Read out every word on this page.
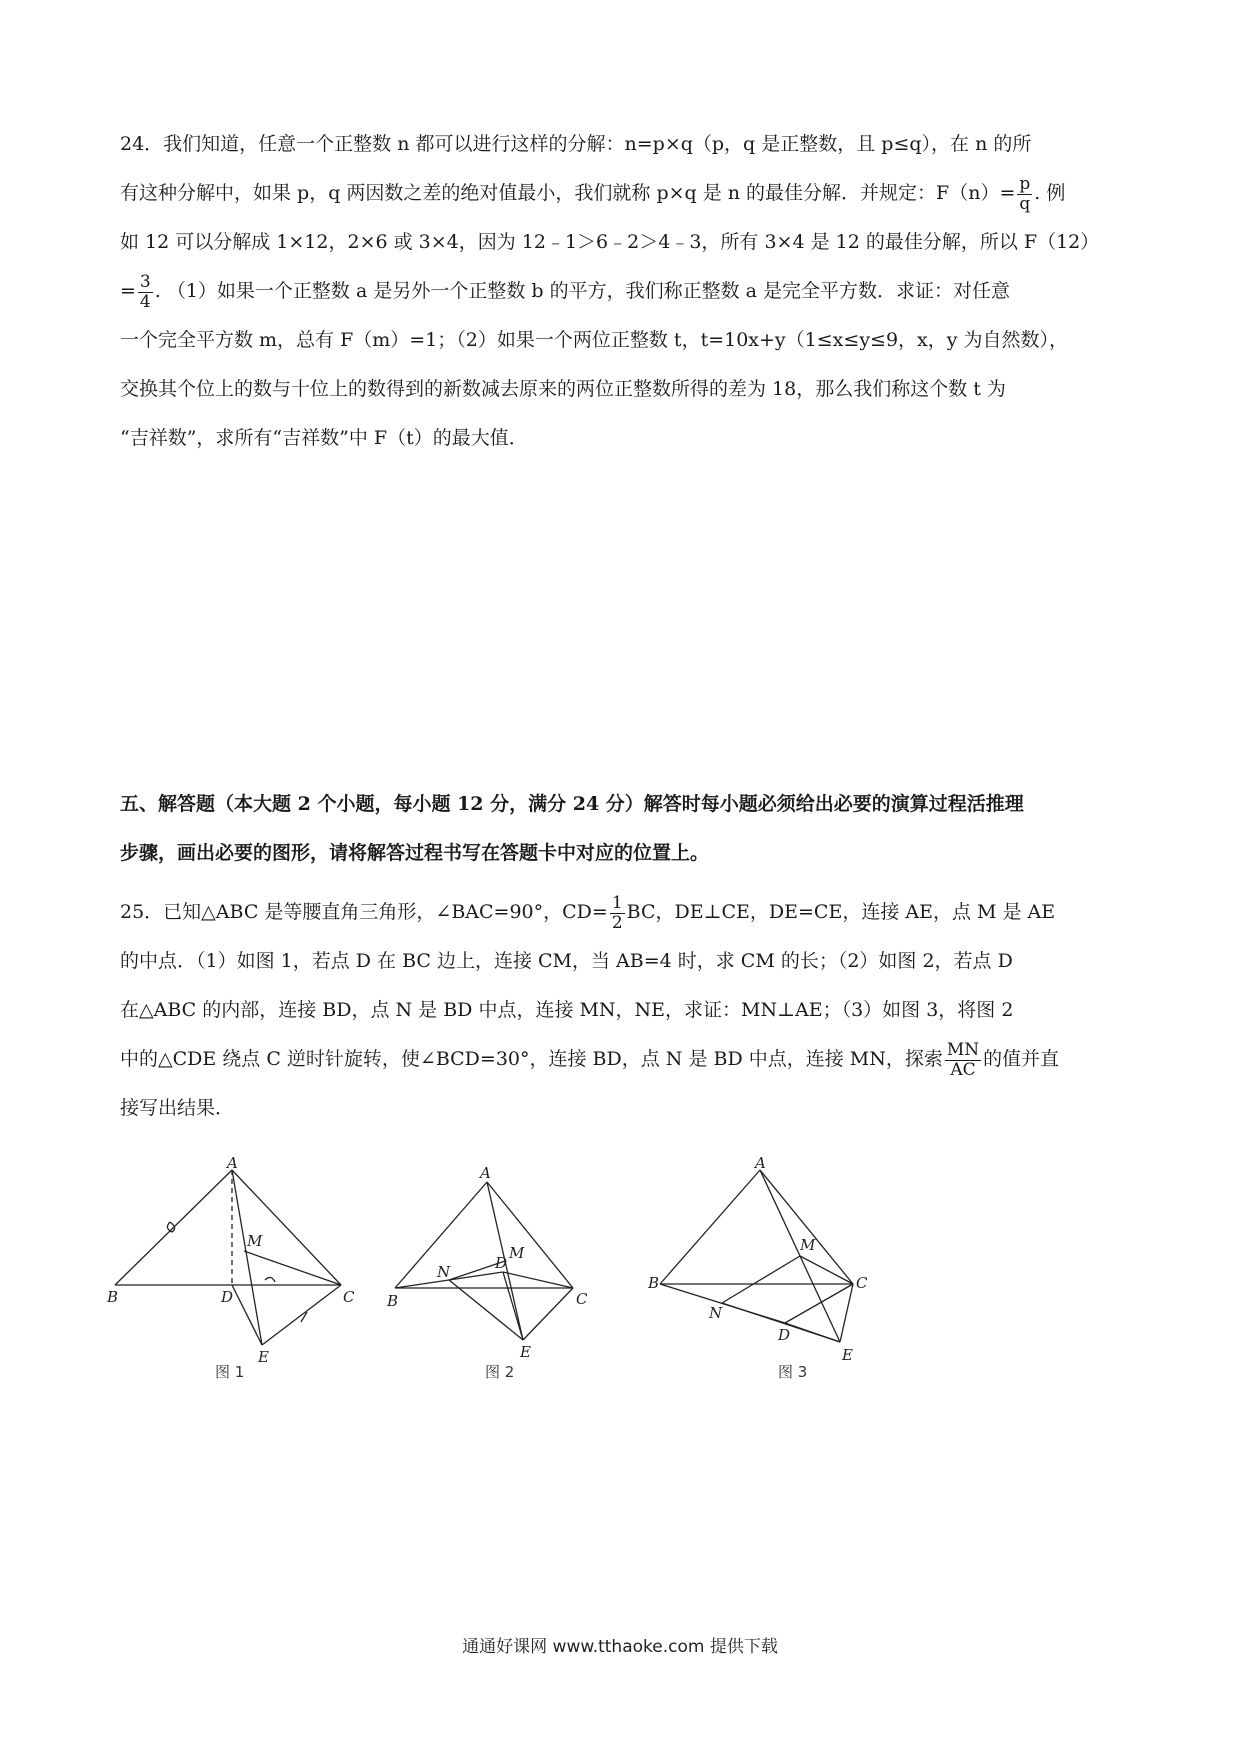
24．我们知道，任意一个正整数 n 都可以进行这样的分解：n=p×q（p，q 是正整数，且 p≤q），在 n 的所
有这种分解中，如果 p，q 两因数之差的绝对值最小，我们就称 p×q 是 n 的最佳分解．并规定：$F(n)= \frac{p}{q}$ . 例
如 12 可以分解成 1×12，2×6 或 3×4，因为 12﹣1＞6﹣2＞4﹣3，所有 3×4 是 12 的最佳分解，所以 F（12）
= $\frac{3}{4}$ . （1）如果一个正整数 a 是另外一个正整数 b 的平方，我们称正整数 a 是完全平方数．求证：对任意
一个完全平方数 m，总有 F（m）=1；（2）如果一个两位正整数 t，t=10x+y（1≤x≤y≤9，x，y 为自然数），
交换其个位上的数与十位上的数得到的新数减去原来的两位正整数所得的差为 18，那么我们称这个数 t 为
“吉祥数”，求所有“吉祥数”中 F（t）的最大值．
五、解答题（本大题 2 个小题，每小题 12 分，满分 24 分）解答时每小题必须给出必要的演算过程活推理
步骤，画出必要的图形，请将解答过程书写在答题卡中对应的位置上。
25．已知△ABC 是等腰直角三角形，∠BAC=90°，$CD= \frac{1}{2}$ BC，DE⊥CE，DE=CE，连接 AE，点 M 是 AE
的中点．（1）如图 1，若点 D 在 BC 边上，连接 CM，当 AB=4 时，求 CM 的长；（2）如图 2，若点 D
在△ABC 的内部，连接 BD，点 N 是 BD 中点，连接 MN，NE，求证：MN⊥AE；（3）如图 3，将图 2
中的△CDE 绕点 C 逆时针旋转，使∠BCD=30°，连接 BD，点 N 是 BD 中点，连接 MN，探索 $\frac{MN}{AC}$ 的值并直
接写出结果．
A
B	C
D
E
M
图 1
A
B	C
D
E
M
N
图 2
A
B	C
D
E
M
N
图 3
通通好课网 www.tthaoke.com 提供下载
